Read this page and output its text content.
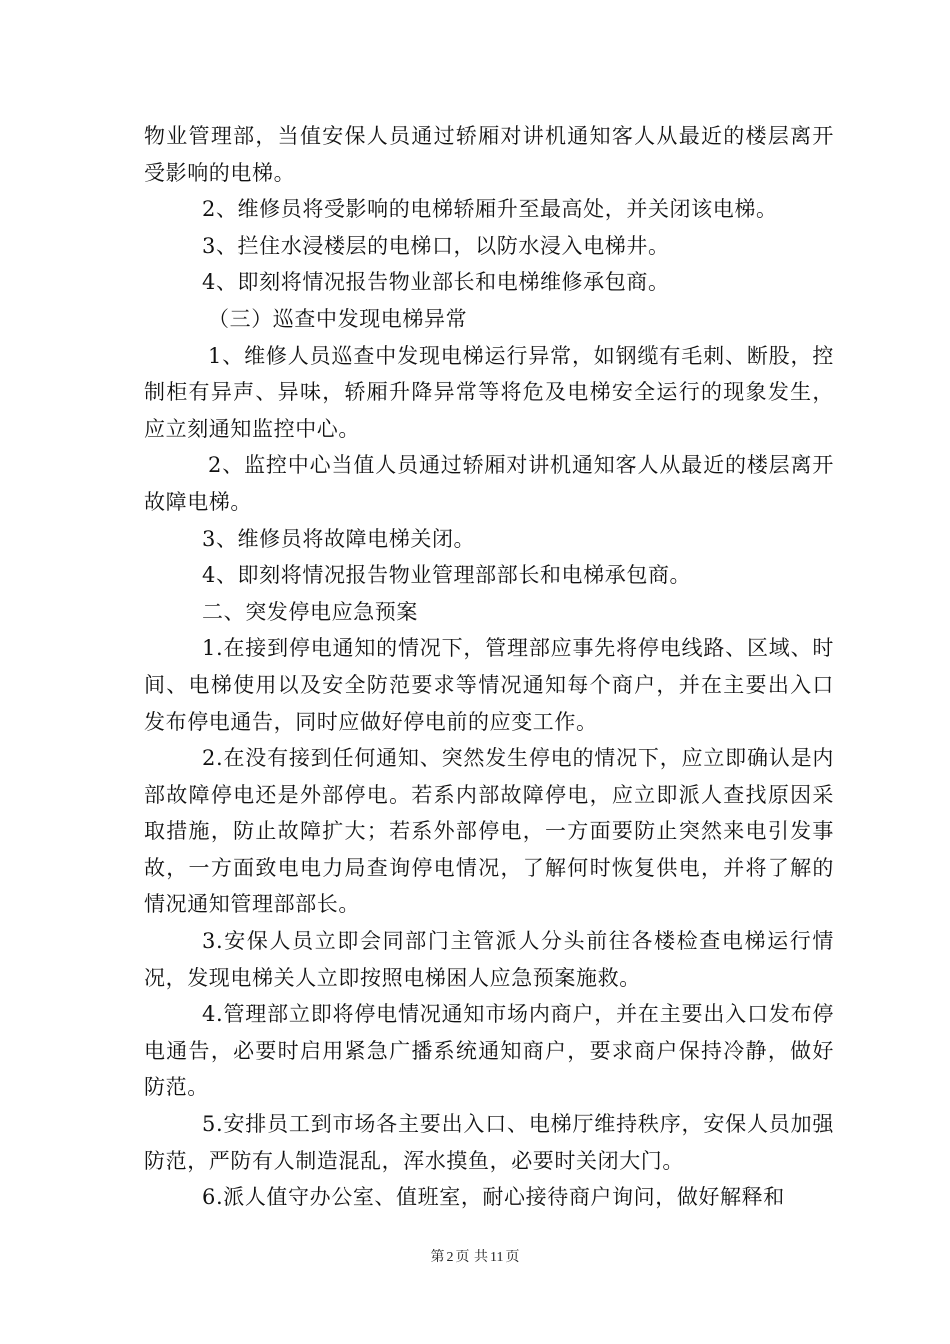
物业管理部，当值安保人员通过轿厢对讲机通知客人从最近的楼层离开受影响的电梯。

2、维修员将受影响的电梯轿厢升至最高处，并关闭该电梯。

3、拦住水浸楼层的电梯口，以防水浸入电梯井。

4、即刻将情况报告物业部长和电梯维修承包商。

（三）巡查中发现电梯异常

1、维修人员巡查中发现电梯运行异常，如钢缆有毛刺、断股，控制柜有异声、异味，轿厢升降异常等将危及电梯安全运行的现象发生，应立刻通知监控中心。

2、监控中心当值人员通过轿厢对讲机通知客人从最近的楼层离开故障电梯。

3、维修员将故障电梯关闭。

4、即刻将情况报告物业管理部部长和电梯承包商。

二、突发停电应急预案

1.在接到停电通知的情况下，管理部应事先将停电线路、区域、时间、电梯使用以及安全防范要求等情况通知每个商户，并在主要出入口发布停电通告，同时应做好停电前的应变工作。

2.在没有接到任何通知、突然发生停电的情况下，应立即确认是内部故障停电还是外部停电。若系内部故障停电，应立即派人查找原因采取措施，防止故障扩大；若系外部停电，一方面要防止突然来电引发事故，一方面致电电力局查询停电情况，了解何时恢复供电，并将了解的情况通知管理部部长。

3.安保人员立即会同部门主管派人分头前往各楼检查电梯运行情况，发现电梯关人立即按照电梯困人应急预案施救。

4.管理部立即将停电情况通知市场内商户，并在主要出入口发布停电通告，必要时启用紧急广播系统通知商户，要求商户保持冷静，做好防范。

5.安排员工到市场各主要出入口、电梯厅维持秩序，安保人员加强防范，严防有人制造混乱，浑水摸鱼，必要时关闭大门。

6.派人值守办公室、值班室，耐心接待商户询问，做好解释和

第 2 页 共 11 页
